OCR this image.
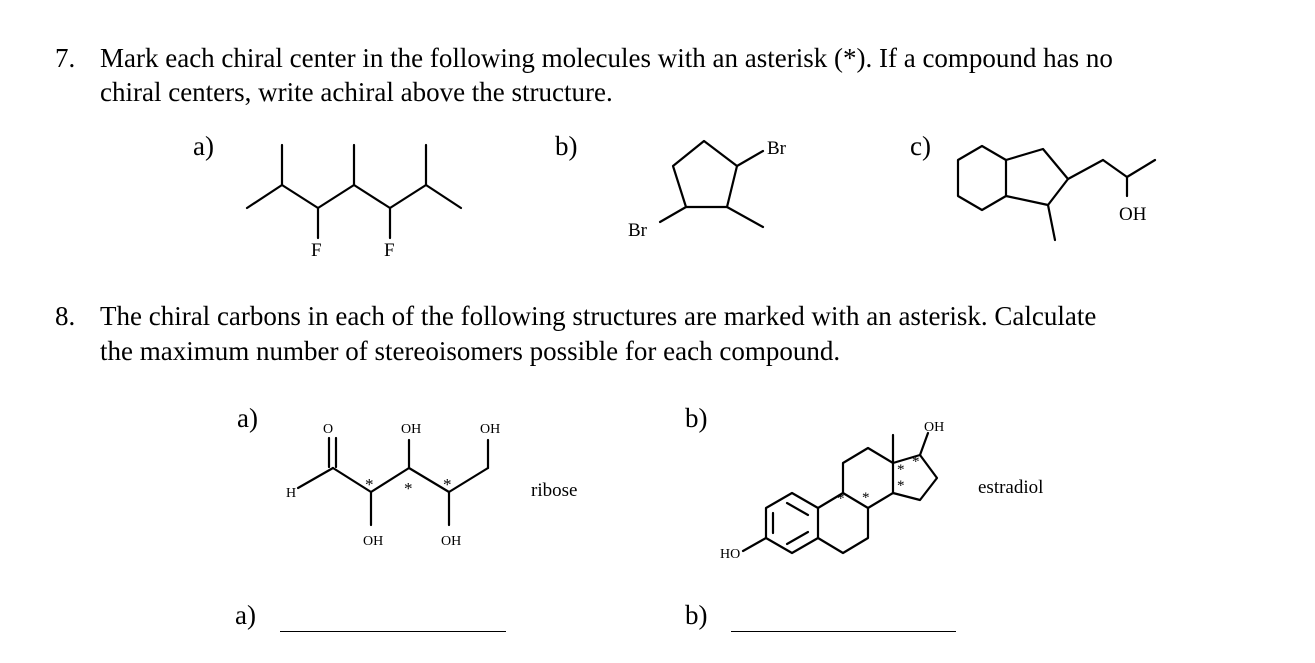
7. Mark each chiral center in the following molecules with an asterisk (*). If a compound has no
chiral centers, write achiral above the structure.
a)	b)	c)
8. The chiral carbons in each of the following structures are marked with an asterisk. Calculate
the maximum number of stereoisomers possible for each compound.
a)	b)
ribose	estradiol
a)	b)
F	F
Br
Br
OH
O
H
OH	OH
OH	OH
* * *
OH
HO
* *
*
*
*
